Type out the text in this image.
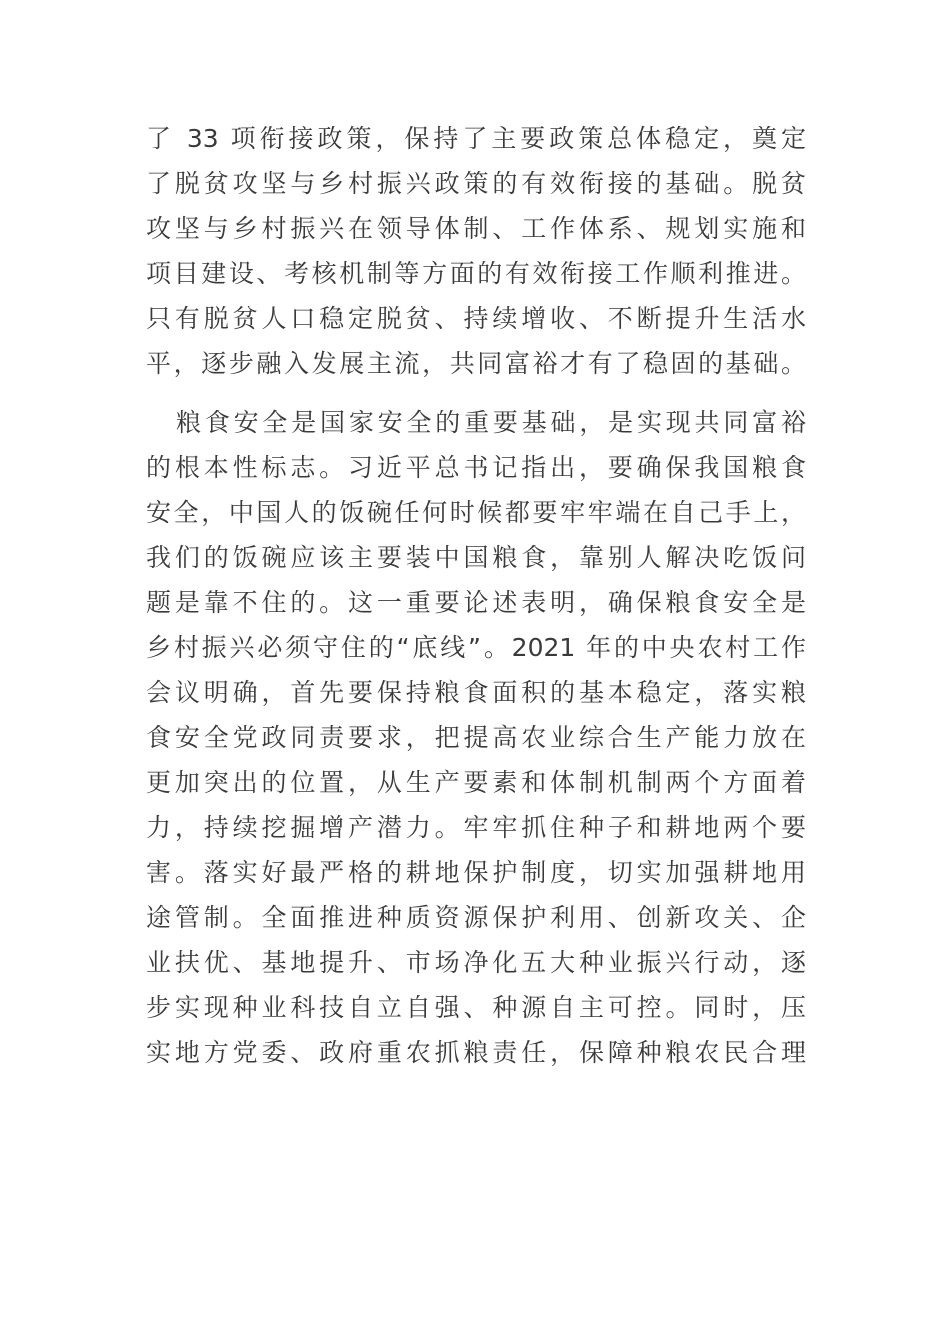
了 33 项衔接政策，保持了主要政策总体稳定，奠定
了脱贫攻坚与乡村振兴政策的有效衔接的基础。脱贫
攻坚与乡村振兴在领导体制、工作体系、规划实施和
项目建设、考核机制等方面的有效衔接工作顺利推进。
只有脱贫人口稳定脱贫、持续增收、不断提升生活水
平，逐步融入发展主流，共同富裕才有了稳固的基础。
粮食安全是国家安全的重要基础，是实现共同富裕
的根本性标志。习近平总书记指出，要确保我国粮食
安全，中国人的饭碗任何时候都要牢牢端在自己手上，
我们的饭碗应该主要装中国粮食，靠别人解决吃饭问
题是靠不住的。这一重要论述表明，确保粮食安全是
乡村振兴必须守住的“底线”。2021 年的中央农村工作
会议明确，首先要保持粮食面积的基本稳定，落实粮
食安全党政同责要求，把提高农业综合生产能力放在
更加突出的位置，从生产要素和体制机制两个方面着
力，持续挖掘增产潜力。牢牢抓住种子和耕地两个要
害。落实好最严格的耕地保护制度，切实加强耕地用
途管制。全面推进种质资源保护利用、创新攻关、企
业扶优、基地提升、市场净化五大种业振兴行动，逐
步实现种业科技自立自强、种源自主可控。同时，压
实地方党委、政府重农抓粮责任，保障种粮农民合理
